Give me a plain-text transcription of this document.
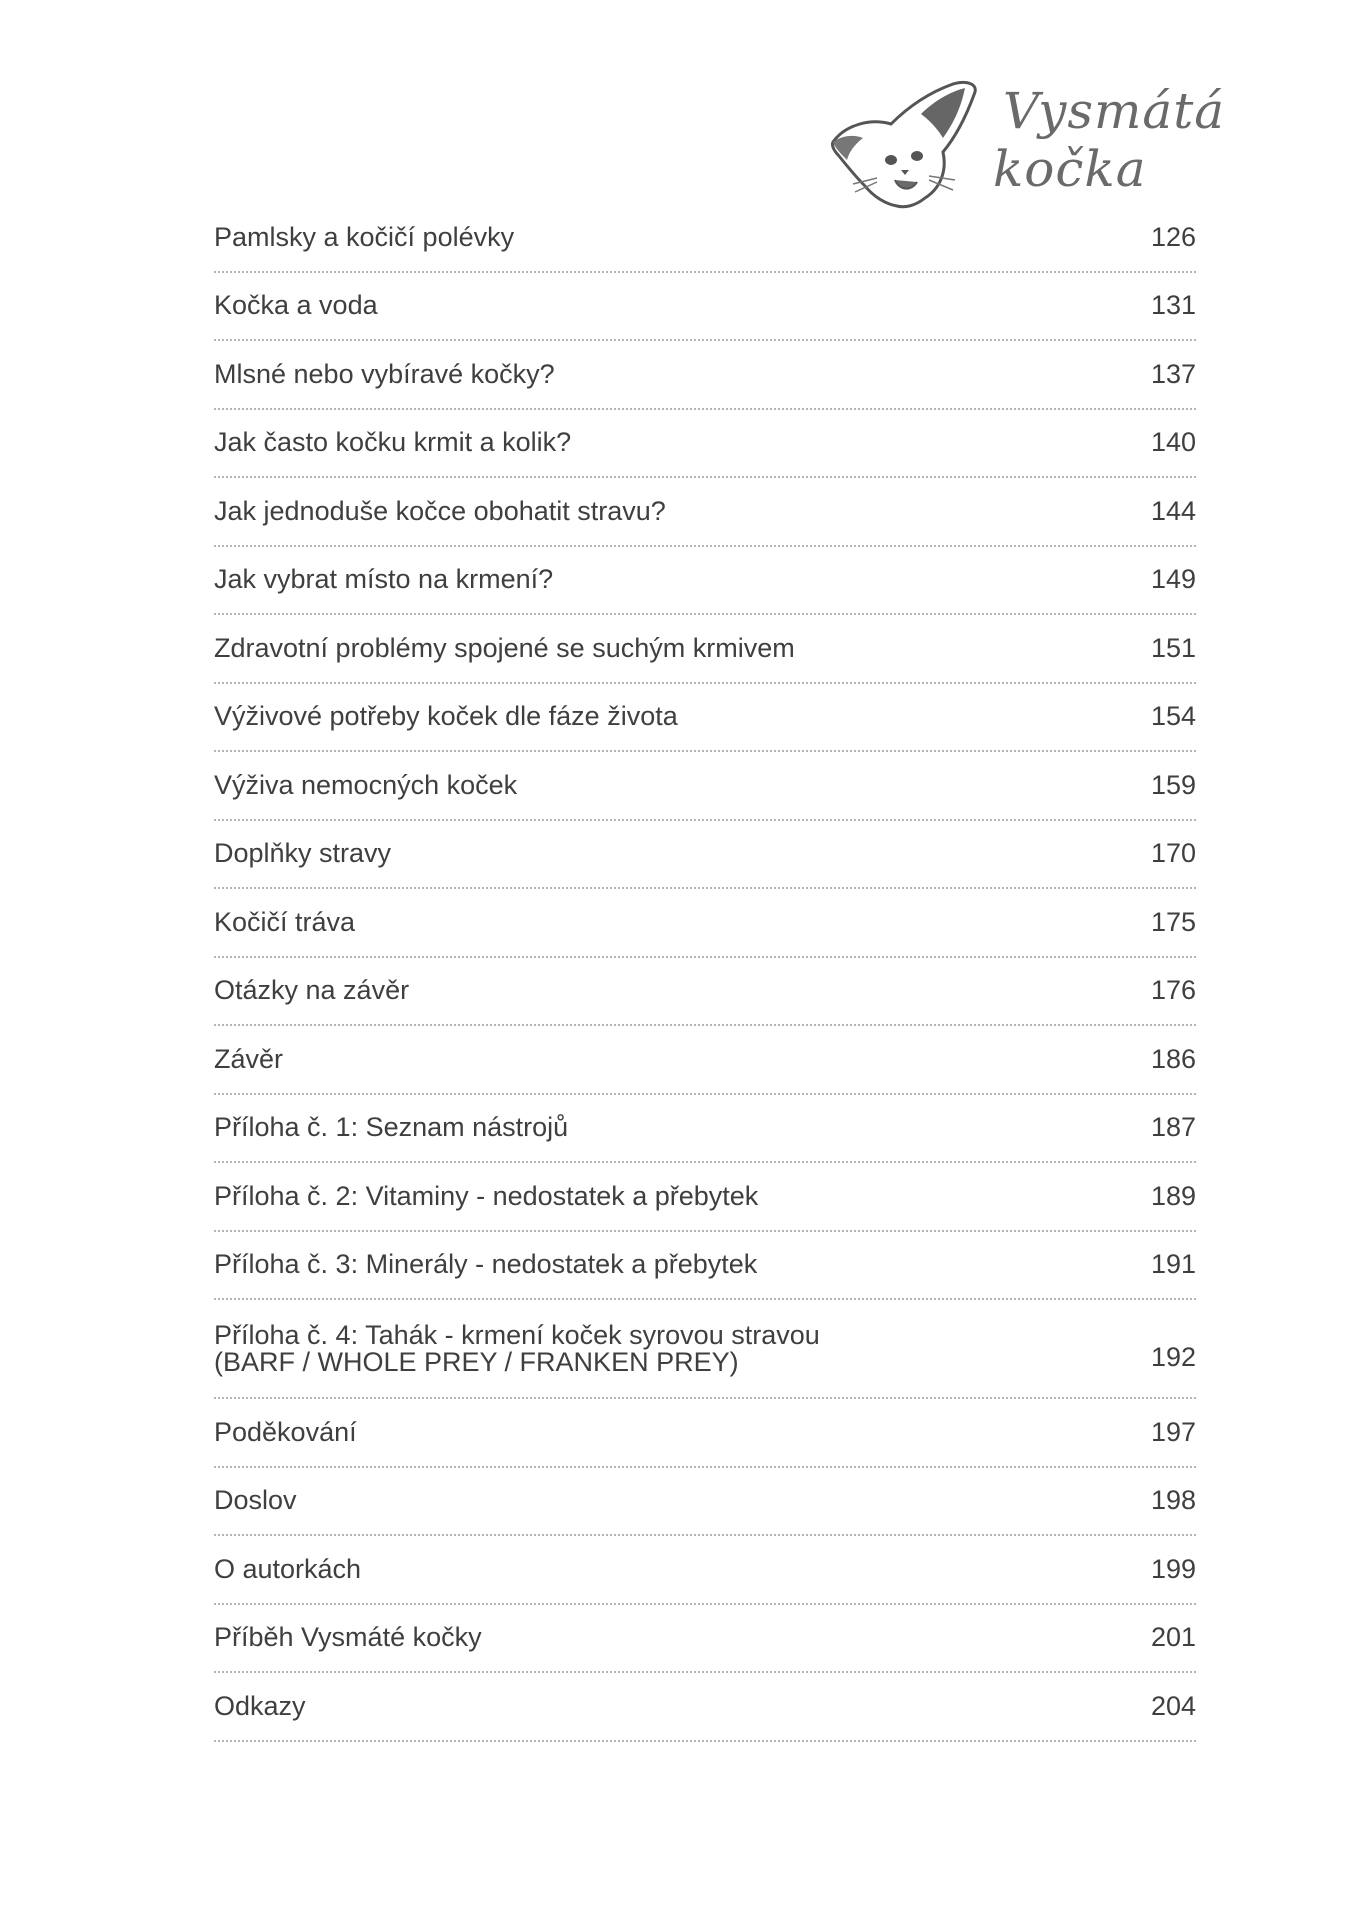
Vysmátá
kočka
Pamlsky a kočičí polévky	126
Kočka a voda	131
Mlsné nebo vybíravé kočky?	137
Jak často kočku krmit a kolik?	140
Jak jednoduše kočce obohatit stravu?	144
Jak vybrat místo na krmení?	149
Zdravotní problémy spojené se suchým krmivem	151
Výživové potřeby koček dle fáze života	154
Výživa nemocných koček	159
Doplňky stravy	170
Kočičí tráva	175
Otázky na závěr	176
Závěr	186
Příloha č. 1: Seznam nástrojů	187
Příloha č. 2: Vitaminy - nedostatek a přebytek	189
Příloha č. 3: Minerály - nedostatek a přebytek	191
Příloha č. 4: Tahák - krmení koček syrovou stravou
(BARF / WHOLE PREY / FRANKEN PREY)	192
Poděkování	197
Doslov	198
O autorkách	199
Příběh Vysmáté kočky	201
Odkazy	204
